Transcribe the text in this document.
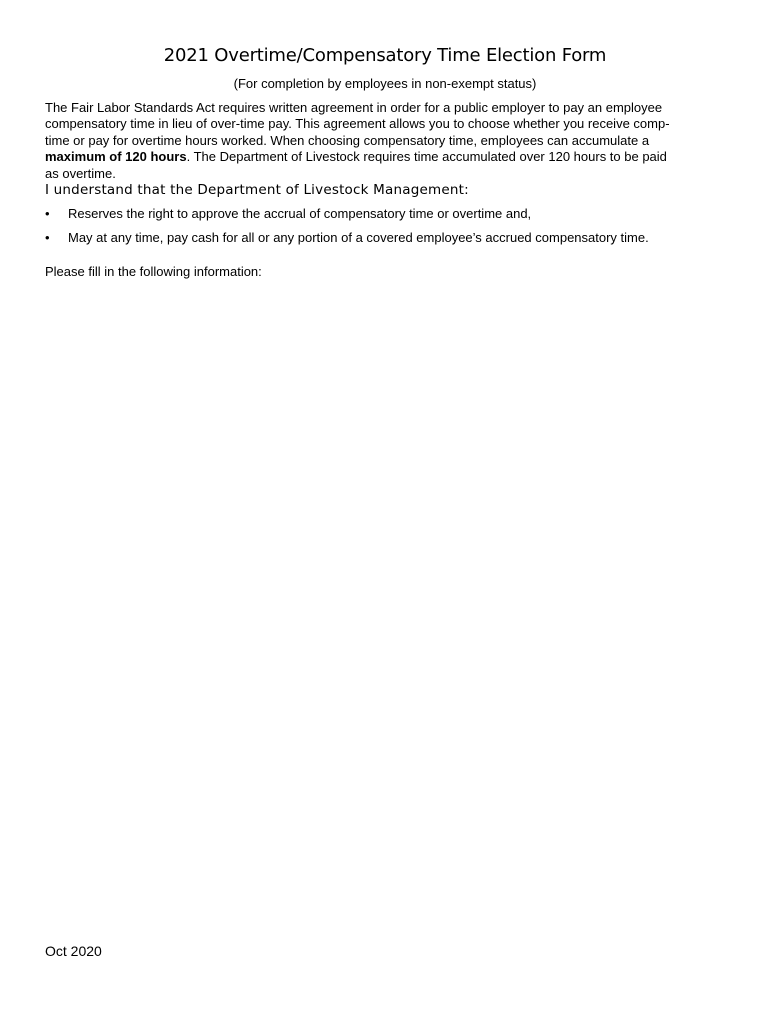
2021 Overtime/Compensatory Time Election Form
(For completion by employees in non-exempt status)

The Fair Labor Standards Act requires written agreement in order for a public employer to pay an employee
compensatory time in lieu of over-time pay. This agreement allows you to choose whether you receive comp-
time or pay for overtime hours worked. When choosing compensatory time, employees can accumulate a
maximum of 120 hours. The Department of Livestock requires time accumulated over 120 hours to be paid
as overtime.

I understand that the Department of Livestock Management:
• Reserves the right to approve the accrual of compensatory time or overtime and,
• May at any time, pay cash for all or any portion of a covered employee’s accrued compensatory time.
Please fill in the following information:
Oct 2020
